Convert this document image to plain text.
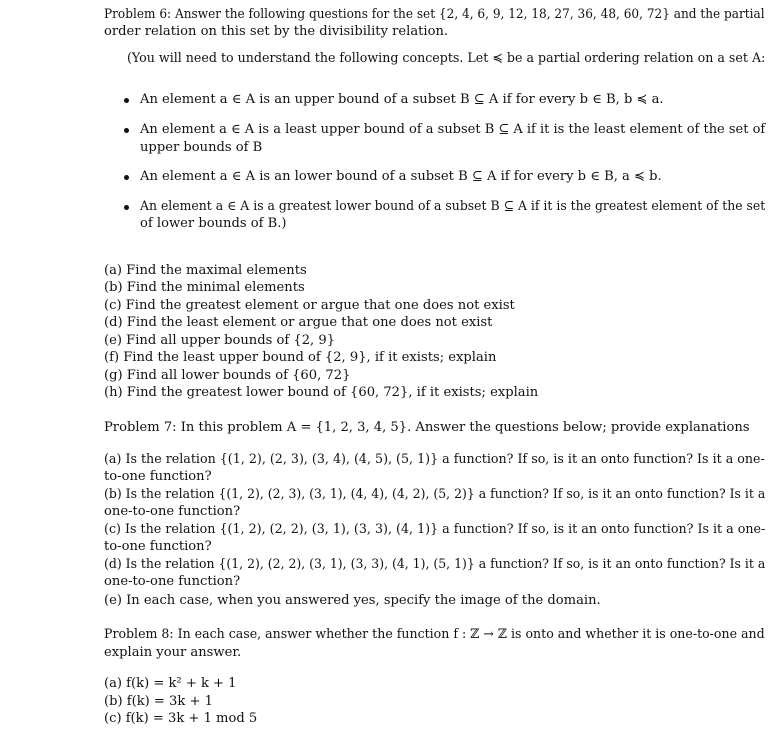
Problem 6: Answer the following questions for the set {2, 4, 6, 9, 12, 18, 27, 36, 48, 60, 72} and the partial
order relation on this set by the divisibility relation.
(You will need to understand the following concepts. Let ≼ be a partial ordering relation on a set A:
An element a ∈ A is an upper bound of a subset B ⊆ A if for every b ∈ B, b ≼ a.
An element a ∈ A is a least upper bound of a subset B ⊆ A if it is the least element of the set of
upper bounds of B
An element a ∈ A is an lower bound of a subset B ⊆ A if for every b ∈ B, a ≼ b.
An element a ∈ A is a greatest lower bound of a subset B ⊆ A if it is the greatest element of the set
of lower bounds of B.)
(a) Find the maximal elements
(b) Find the minimal elements
(c) Find the greatest element or argue that one does not exist
(d) Find the least element or argue that one does not exist
(e) Find all upper bounds of {2, 9}
(f) Find the least upper bound of {2, 9}, if it exists; explain
(g) Find all lower bounds of {60, 72}
(h) Find the greatest lower bound of {60, 72}, if it exists; explain
Problem 7: In this problem A = {1, 2, 3, 4, 5}. Answer the questions below; provide explanations
(a) Is the relation {(1, 2), (2, 3), (3, 4), (4, 5), (5, 1)} a function? If so, is it an onto function? Is it a one-
to-one function?
(b) Is the relation {(1, 2), (2, 3), (3, 1), (4, 4), (4, 2), (5, 2)} a function? If so, is it an onto function? Is it a
one-to-one function?
(c) Is the relation {(1, 2), (2, 2), (3, 1), (3, 3), (4, 1)} a function? If so, is it an onto function? Is it a one-
to-one function?
(d) Is the relation {(1, 2), (2, 2), (3, 1), (3, 3), (4, 1), (5, 1)} a function? If so, is it an onto function? Is it a
one-to-one function?
(e) In each case, when you answered yes, specify the image of the domain.
Problem 8: In each case, answer whether the function f : ℤ → ℤ is onto and whether it is one-to-one and
explain your answer.
(a) f(k) = k² + k + 1
(b) f(k) = 3k + 1
(c) f(k) = 3k + 1 mod 5
